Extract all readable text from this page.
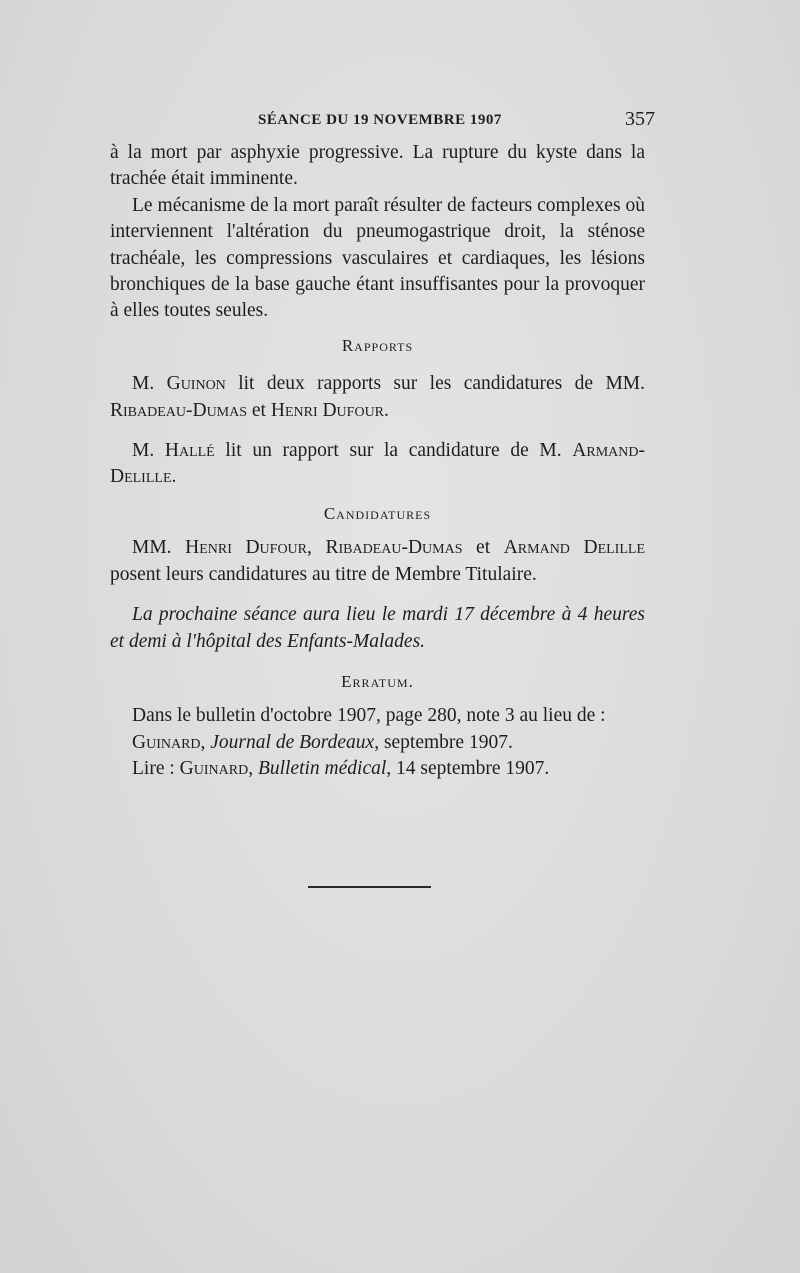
SÉANCE DU 19 NOVEMBRE 1907	357

à la mort par asphyxie progressive. La rupture du kyste dans la trachée était imminente.

Le mécanisme de la mort paraît résulter de facteurs complexes où interviennent l'altération du pneumogastrique droit, la sténose trachéale, les compressions vasculaires et cardiaques, les lésions bronchiques de la base gauche étant insuffisantes pour la provoquer à elles toutes seules.

Rapports

M. Guinon lit deux rapports sur les candidatures de MM. Ribadeau-Dumas et Henri Dufour.

M. Hallé lit un rapport sur la candidature de M. Armand-Delille.

Candidatures

MM. Henri Dufour, Ribadeau-Dumas et Armand Delille posent leurs candidatures au titre de Membre Titulaire.

La prochaine séance aura lieu le mardi 17 décembre à 4 heures et demi à l'hôpital des Enfants-Malades.

Erratum.

Dans le bulletin d'octobre 1907, page 280, note 3 au lieu de :

Guinard, Journal de Bordeaux, septembre 1907.

Lire : Guinard, Bulletin médical, 14 septembre 1907.
